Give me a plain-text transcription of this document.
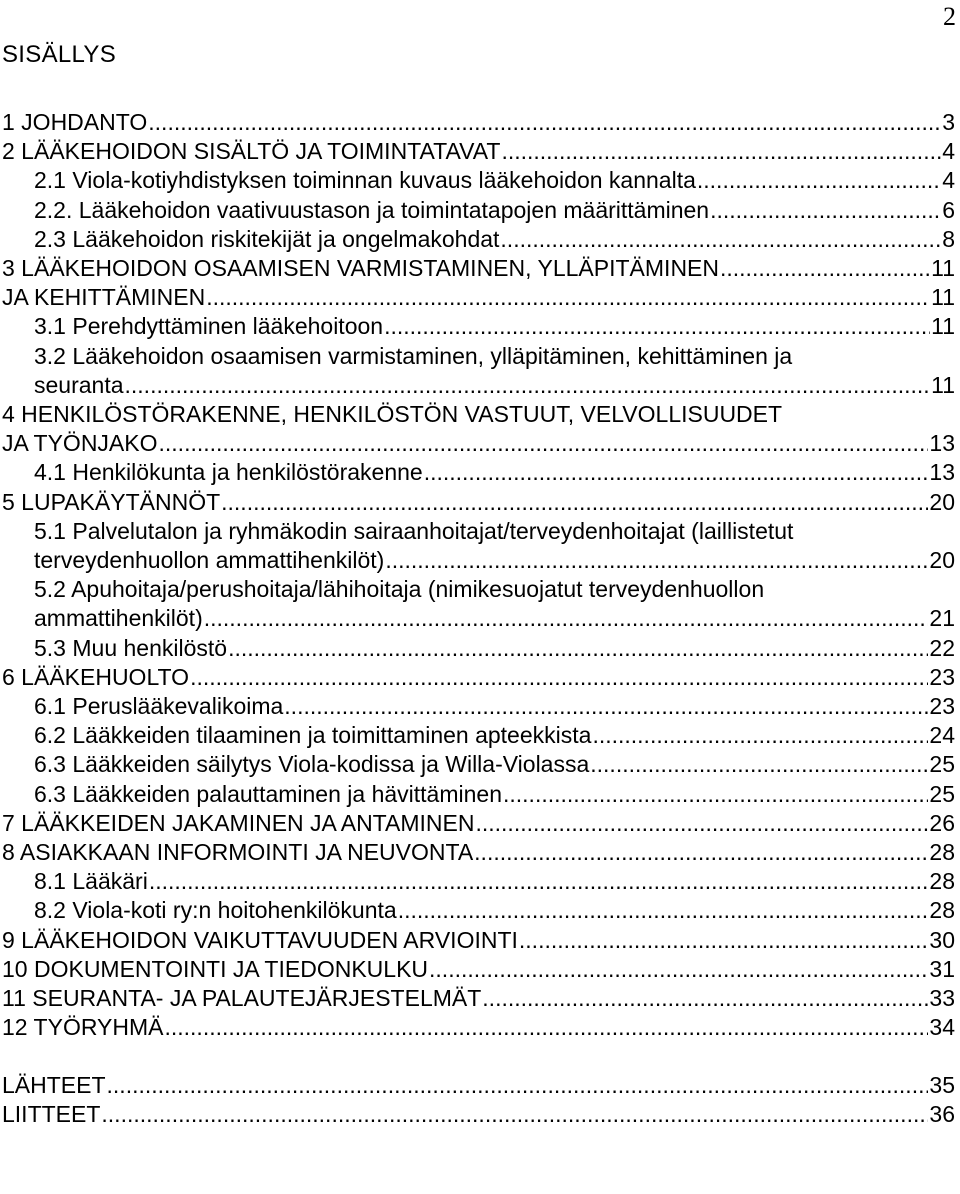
2
SISÄLLYS
1 JOHDANTO .....	3
2 LÄÄKEHOIDON SISÄLTÖ JA TOIMINTATAVAT .....	4
2.1 Viola-kotiyhdistyksen toiminnan kuvaus lääkehoidon kannalta .....	4
2.2. Lääkehoidon vaativuustason ja toimintatapojen määrittäminen .....	6
2.3 Lääkehoidon riskitekijät ja ongelmakohdat .....	8
3 LÄÄKEHOIDON OSAAMISEN VARMISTAMINEN, YLLÄPITÄMINEN .....	11
JA KEHITTÄMINEN .....	11
3.1 Perehdyttäminen lääkehoitoon .....	11
3.2 Lääkehoidon osaamisen varmistaminen, ylläpitäminen, kehittäminen ja
seuranta .....	11
4 HENKILÖSTÖRAKENNE, HENKILÖSTÖN VASTUUT, VELVOLLISUUDET
JA TYÖNJAKO .....	13
4.1 Henkilökunta ja henkilöstörakenne .....	13
5 LUPAKÄYTÄNNÖT .....	20
5.1 Palvelutalon ja ryhmäkodin sairaanhoitajat/terveydenhoitajat (laillistetut
terveydenhuollon ammattihenkilöt) .....	20
5.2 Apuhoitaja/perushoitaja/lähihoitaja (nimikesuojatut terveydenhuollon
ammattihenkilöt) .....	21
5.3 Muu henkilöstö .....	22
6 LÄÄKEHUOLTO .....	23
6.1 Peruslääkevalikoima .....	23
6.2 Lääkkeiden tilaaminen ja toimittaminen apteekkista .....	24
6.3 Lääkkeiden säilytys Viola-kodissa ja Willa-Violassa .....	25
6.3 Lääkkeiden palauttaminen ja hävittäminen .....	25
7 LÄÄKKEIDEN JAKAMINEN JA ANTAMINEN .....	26
8 ASIAKKAAN INFORMOINTI JA NEUVONTA .....	28
8.1 Lääkäri .....	28
8.2 Viola-koti ry:n hoitohenkilökunta .....	28
9 LÄÄKEHOIDON VAIKUTTAVUUDEN ARVIOINTI .....	30
10 DOKUMENTOINTI JA TIEDONKULKU .....	31
11 SEURANTA- JA PALAUTEJÄRJESTELMÄT .....	33
12 TYÖRYHMÄ .....	34
LÄHTEET .....	35
LIITTEET .....	36
